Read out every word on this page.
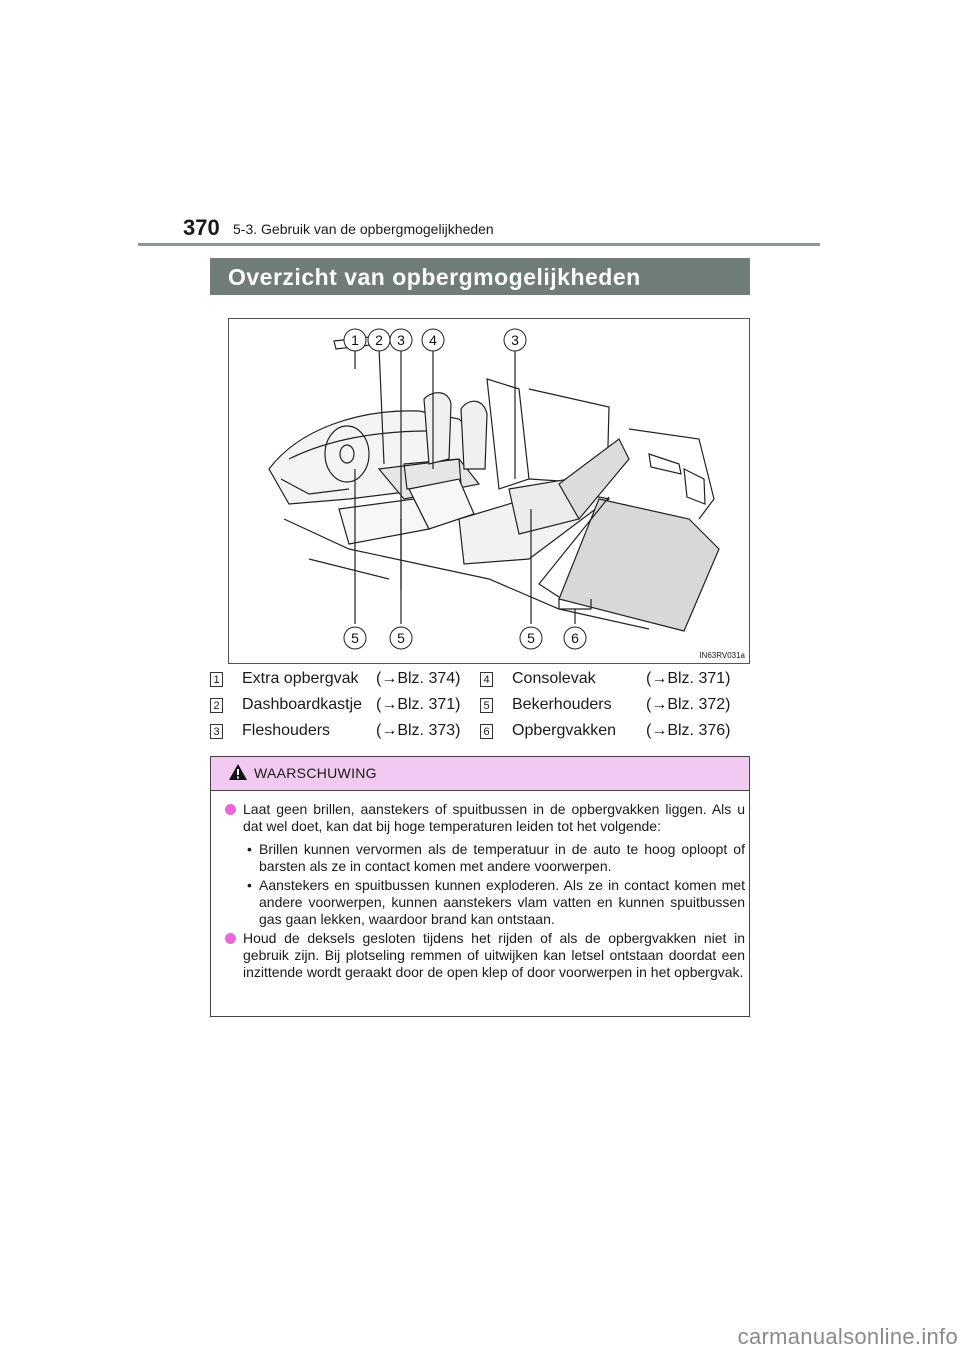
370 5-3. Gebruik van de opbergmogelijkheden
Overzicht van opbergmogelijkheden
1 2 3 4	3
5	5	5	6
IN63RV031a
1 Extra opbergvak (→Blz. 374)
2 Dashboardkastje (→Blz. 371)
3 Fleshouders	(→Blz. 373)
4 Consolevak	(→Blz. 371)
5 Bekerhouders (→Blz. 372)
6 Opbergvakken (→Blz. 376)
WAARSCHUWING
Laat geen brillen, aanstekers of spuitbussen in de opbergvakken liggen. Als u dat wel doet, kan dat bij hoge temperaturen leiden tot het volgende:
• Brillen kunnen vervormen als de temperatuur in de auto te hoog oploopt of barsten als ze in contact komen met andere voorwerpen.
• Aanstekers en spuitbussen kunnen exploderen. Als ze in contact komen met andere voorwerpen, kunnen aanstekers vlam vatten en kunnen spuitbussen gas gaan lekken, waardoor brand kan ontstaan.
Houd de deksels gesloten tijdens het rijden of als de opbergvakken niet in gebruik zijn. Bij plotseling remmen of uitwijken kan letsel ontstaan doordat een inzittende wordt geraakt door de open klep of door voorwerpen in het opbergvak.
carmanualsonline.info
